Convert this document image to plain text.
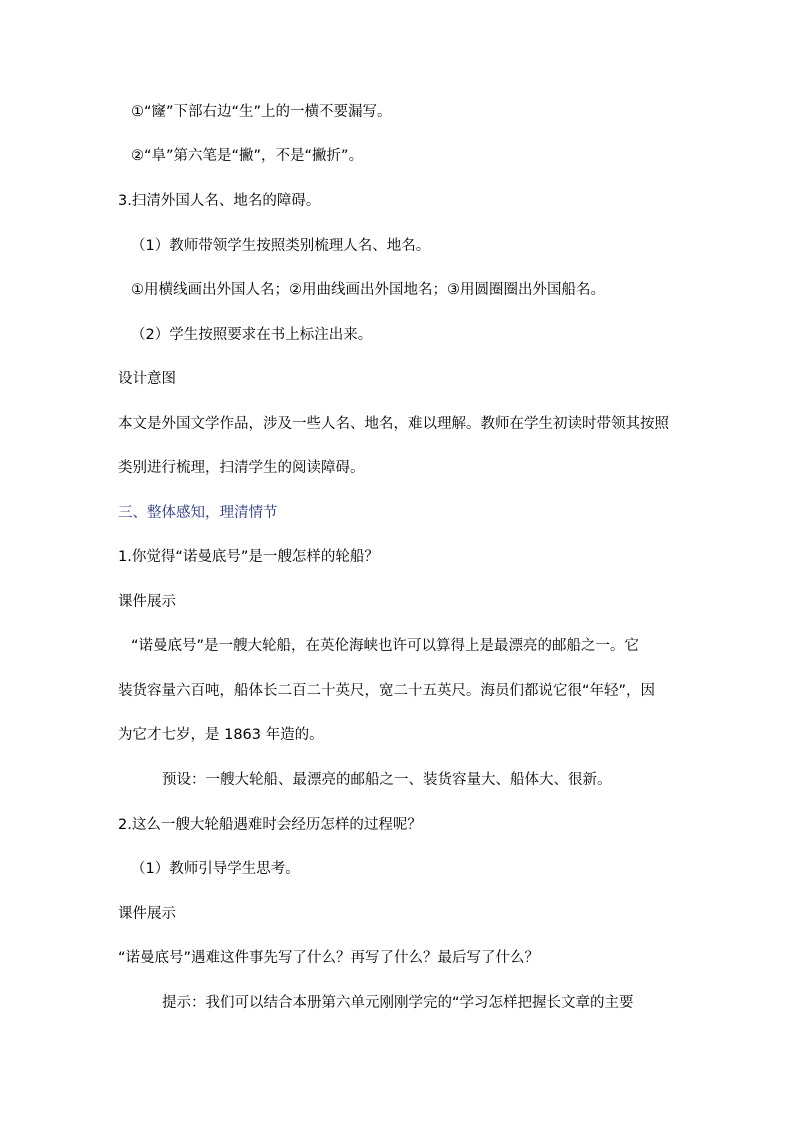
①“窿”下部右边“生”上的一横不要漏写。
②“阜”第六笔是“撇”，不是“撇折”。
3.扫清外国人名、地名的障碍。
（1）教师带领学生按照类别梳理人名、地名。
①用横线画出外国人名；②用曲线画出外国地名；③用圆圈圈出外国船名。
（2）学生按照要求在书上标注出来。
设计意图
本文是外国文学作品，涉及一些人名、地名，难以理解。教师在学生初读时带领其按照
类别进行梳理，扫清学生的阅读障碍。
三、整体感知，理清情节
1.你觉得“诺曼底号”是一艘怎样的轮船？
课件展示
“诺曼底号”是一艘大轮船，在英伦海峡也许可以算得上是最漂亮的邮船之一。它
装货容量六百吨，船体长二百二十英尺，宽二十五英尺。海员们都说它很“年轻”，因
为它才七岁，是 1863 年造的。
预设：一艘大轮船、最漂亮的邮船之一、装货容量大、船体大、很新。
2.这么一艘大轮船遇难时会经历怎样的过程呢？
（1）教师引导学生思考。
课件展示
“诺曼底号”遇难这件事先写了什么？再写了什么？最后写了什么？
提示：我们可以结合本册第六单元刚刚学完的“学习怎样把握长文章的主要
